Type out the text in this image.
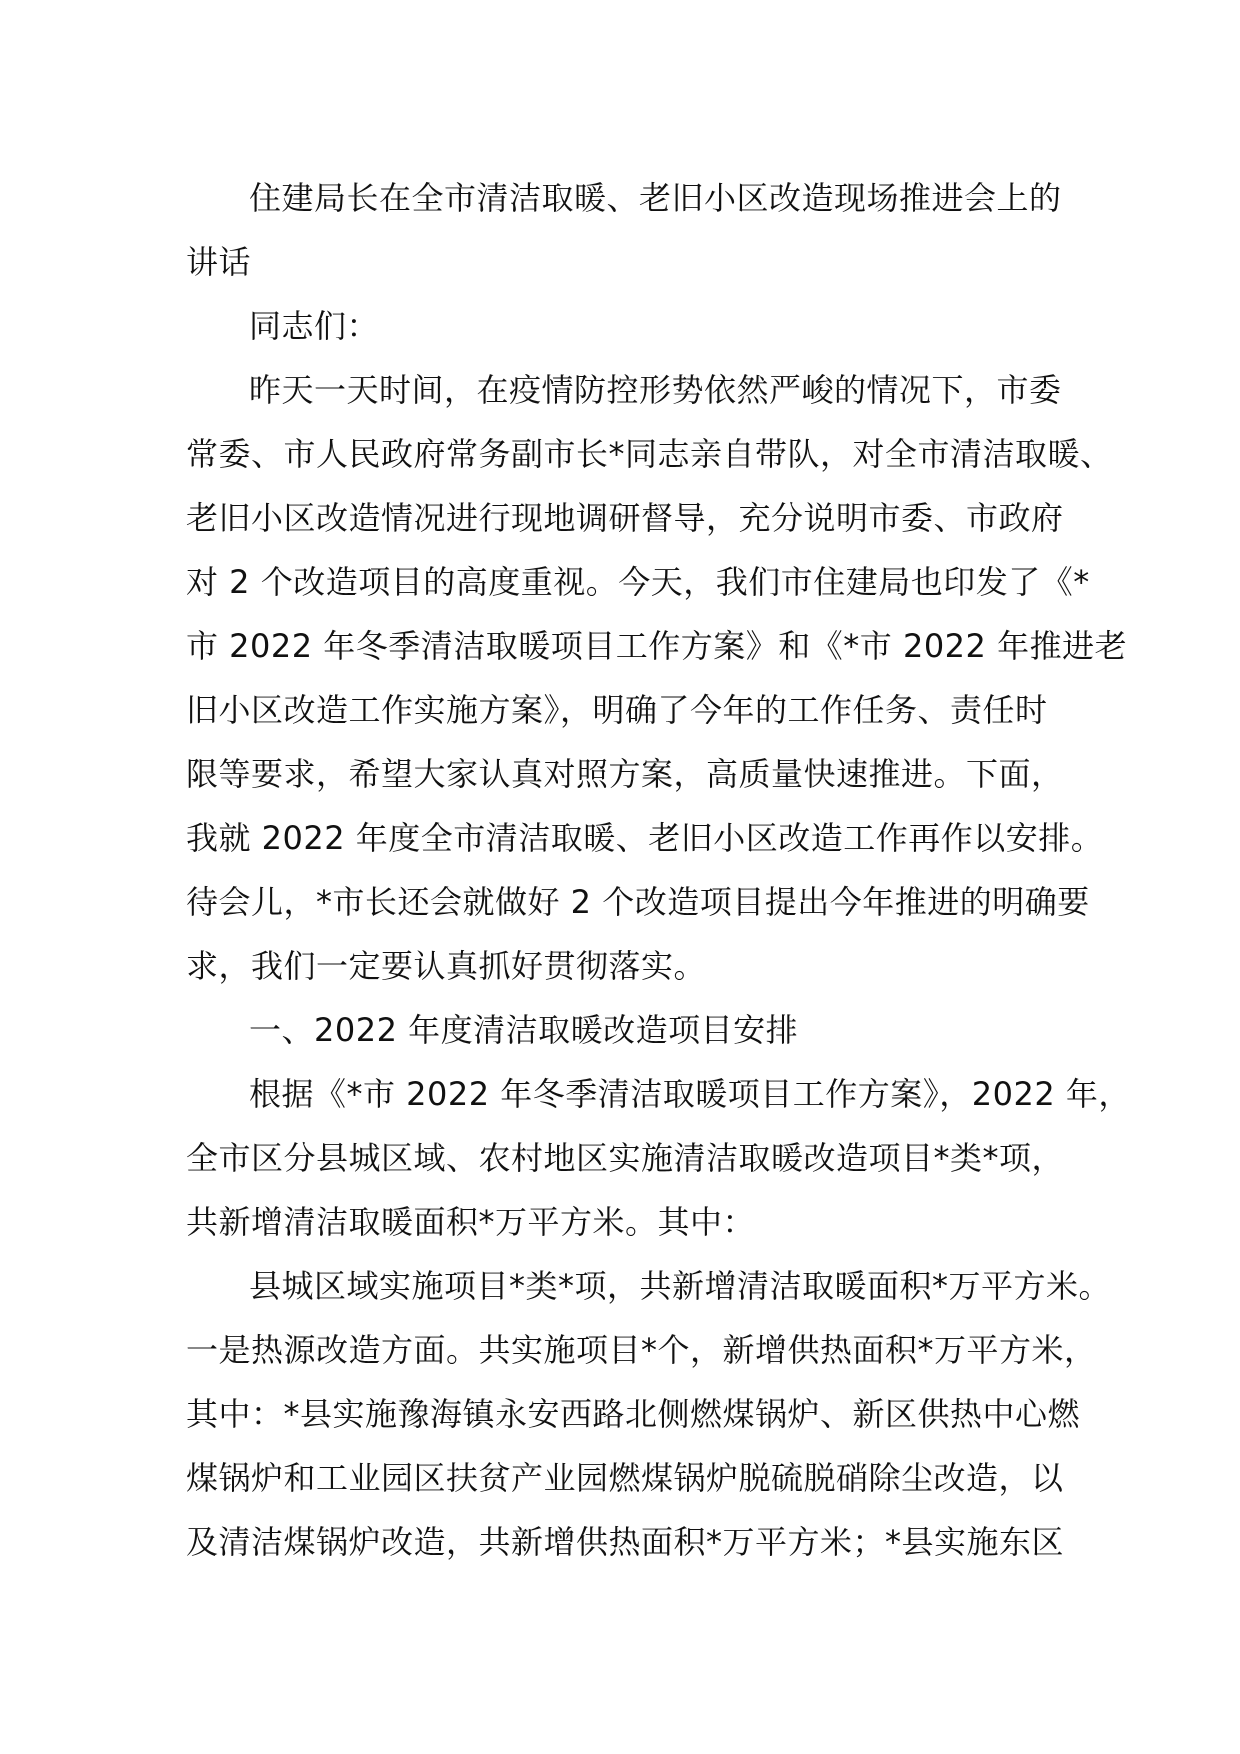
住建局长在全市清洁取暖、老旧小区改造现场推进会上的
讲话
同志们：
昨天一天时间，在疫情防控形势依然严峻的情况下，市委
常委、市人民政府常务副市长*同志亲自带队，对全市清洁取暖、
老旧小区改造情况进行现地调研督导，充分说明市委、市政府
对 2 个改造项目的高度重视。今天，我们市住建局也印发了《*
市 2022 年冬季清洁取暖项目工作方案》和《*市 2022 年推进老
旧小区改造工作实施方案》，明确了今年的工作任务、责任时
限等要求，希望大家认真对照方案，高质量快速推进。下面，
我就 2022 年度全市清洁取暖、老旧小区改造工作再作以安排。
待会儿，*市长还会就做好 2 个改造项目提出今年推进的明确要
求，我们一定要认真抓好贯彻落实。
一、2022 年度清洁取暖改造项目安排
根据《*市 2022 年冬季清洁取暖项目工作方案》，2022 年，
全市区分县城区域、农村地区实施清洁取暖改造项目*类*项，
共新增清洁取暖面积*万平方米。其中：
县城区域实施项目*类*项，共新增清洁取暖面积*万平方米。
一是热源改造方面。共实施项目*个，新增供热面积*万平方米，
其中：*县实施豫海镇永安西路北侧燃煤锅炉、新区供热中心燃
煤锅炉和工业园区扶贫产业园燃煤锅炉脱硫脱硝除尘改造，以
及清洁煤锅炉改造，共新增供热面积*万平方米；*县实施东区
